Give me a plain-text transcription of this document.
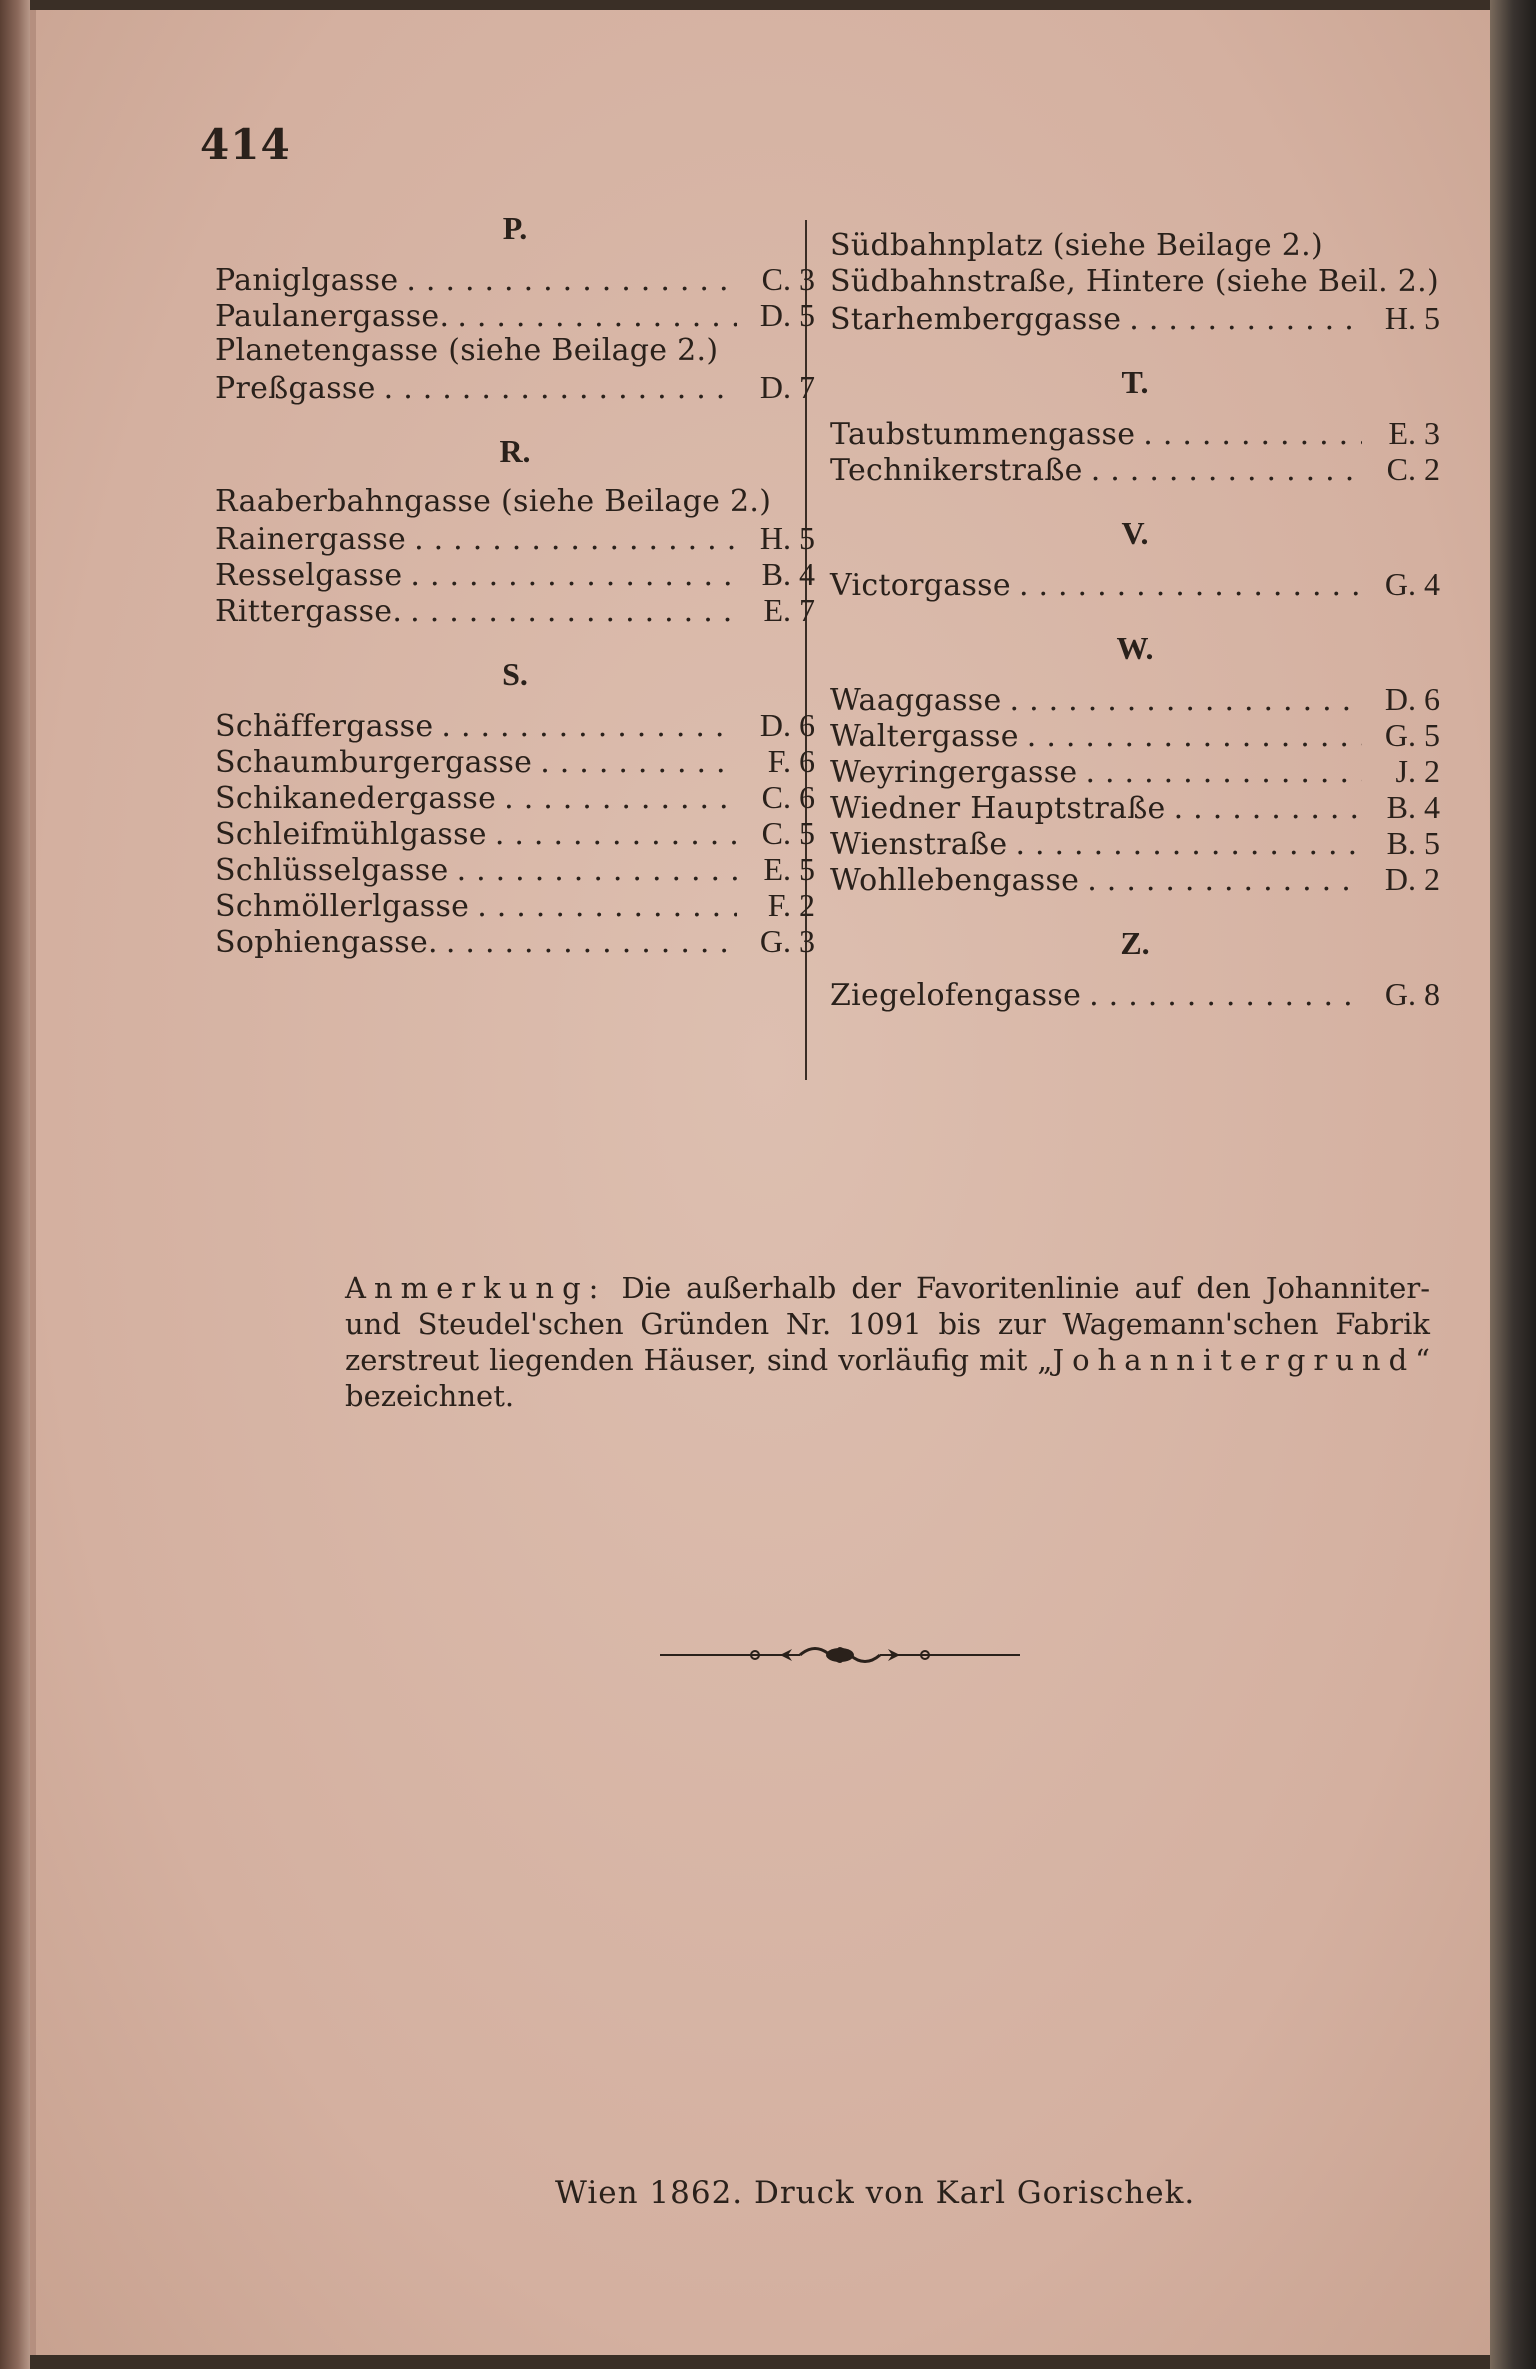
414
P.
Paniglgasse .....	C. 3
Paulanergasse. .....	D. 5
Planetengasse (siehe Beilage 2.)
Preßgasse .....	D. 7
R.
Raaberbahngasse (siehe Beilage 2.)
Rainergasse .....	H. 5
Resselgasse .....	B. 4
Rittergasse. .....	E. 7
S.
Schäffergasse .....	D. 6
Schaumburgergasse .....	F. 6
Schikanedergasse .....	C. 6
Schleifmühlgasse .....	C. 5
Schlüsselgasse .....	E. 5
Schmöllerlgasse .....	F. 2
Sophiengasse. .....	G. 3
Südbahnplatz (siehe Beilage 2.)
Südbahnstraße, Hintere (siehe Beil. 2.)
Starhemberggasse .....	H. 5
T.
Taubstummengasse .....	E. 3
Technikerstraße .....	C. 2
V.
Victorgasse .....	G. 4
W.
Waaggasse .....	D. 6
Waltergasse .....	G. 5
Weyringergasse .....	J. 2
Wiedner Hauptstraße .....	B. 4
Wienstraße .....	B. 5
Wohllebengasse .....	D. 2
Z.
Ziegelofengasse .....	G. 8
Anmerkung: Die außerhalb der Favoritenlinie auf den Johanniter- und Steudel'schen Gründen Nr. 1091 bis zur Wagemann'schen Fabrik zerstreut liegenden Häuser, sind vorläufig mit „Johannitergrund“ bezeichnet.
Wien 1862. Druck von Karl Gorischek.
